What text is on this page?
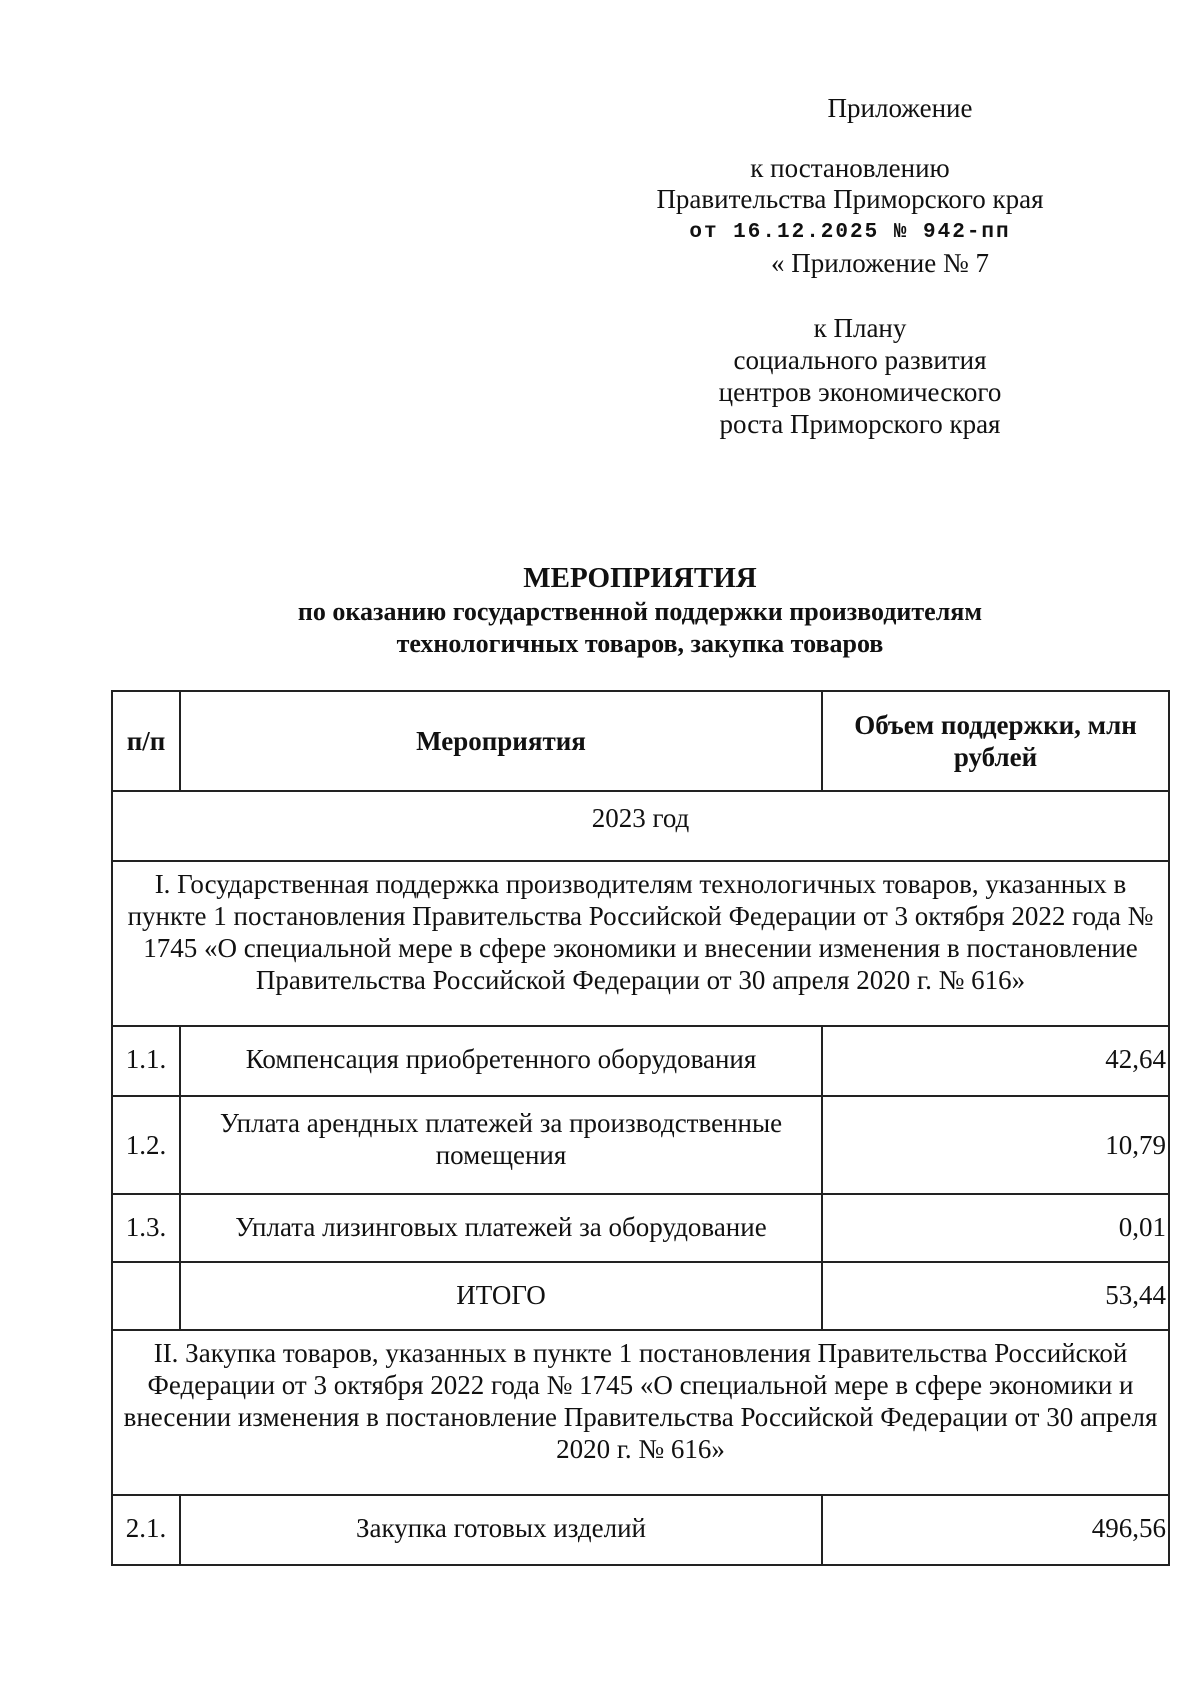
Приложение
к постановлению
Правительства Приморского края
от 16.12.2025 № 942-пп
« Приложение № 7
к Плану
социального развития
центров экономического
роста Приморского края
МЕРОПРИЯТИЯ
по оказанию государственной поддержки производителям
технологичных товаров, закупка товаров
п/п	Мероприятия	Объем поддержки, млн рублей
2023 год		
I. Государственная поддержка производителям технологичных товаров, указанных в пункте 1 постановления Правительства Российской Федерации от 3 октября 2022 года № 1745 «О специальной мере в сфере экономики и внесении изменения в постановление Правительства Российской Федерации от 30 апреля 2020 г. № 616»		
1.1.	Компенсация приобретенного оборудования	42,64
1.2.	Уплата арендных платежей за производственные помещения	10,79
1.3.	Уплата лизинговых платежей за оборудование	0,01
	ИТОГО	53,44
II. Закупка товаров, указанных в пункте 1 постановления Правительства Российской Федерации от 3 октября 2022 года № 1745 «О специальной мере в сфере экономики и внесении изменения в постановление Правительства Российской Федерации от 30 апреля 2020 г. № 616»		
2.1.	Закупка готовых изделий	496,56
